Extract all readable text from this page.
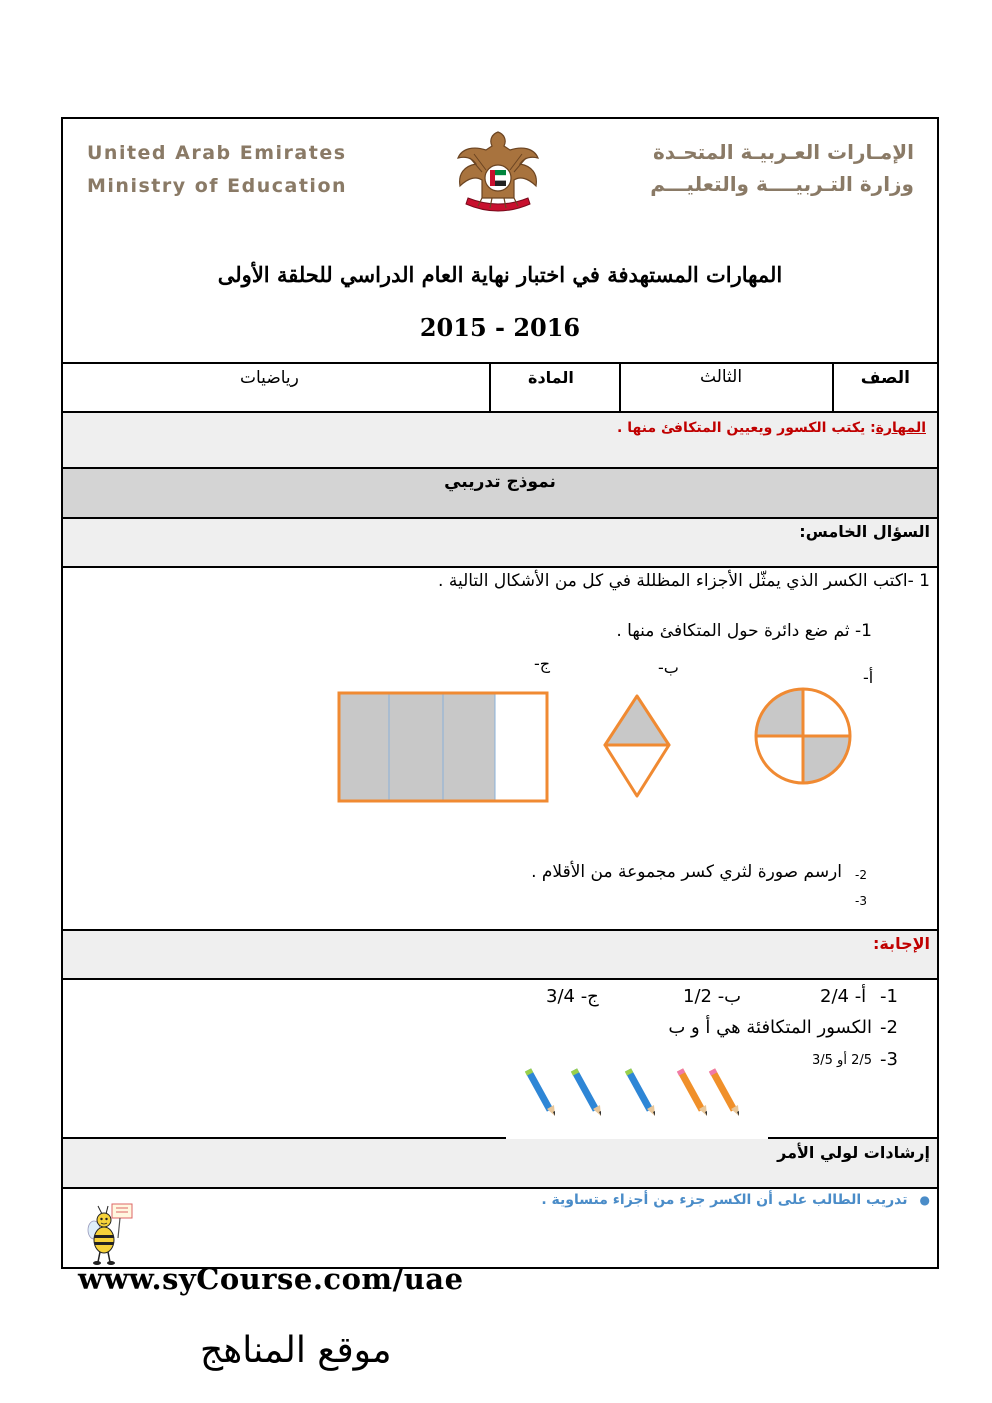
United Arab Emirates
Ministry of Education
الإمـارات العـربيـة المتحـدة
وزارة التـربيــــة والتعليـــم
المهارات المستهدفة في اختبار نهاية العام الدراسي للحلقة الأولى
2015 - 2016
الصف
الثالث
المادة
رياضيات
المهارة: يكتب الكسور ويعيين المتكافئ منها .
نموذج تدريبي
السؤال الخامس:
1 -اكتب الكسر الذي يمثّل الأجزاء المظللة في كل من الأشكال التالية .
1- ثم ضع دائرة حول المتكافئ منها .
ج-	ب-
أ-
-2
ارسم صورة لثري كسر مجموعة من الأقلام .
-3
الإجابة:
-1
أ- 2/4
ب- 1/2
ج- 3/4
-2
الكسور المتكافئة هي أ و ب
-3
2/5 أو 3/5
إرشادات لولي الأمر
●تدريب الطالب على أن الكسر جزء من أجزاء متساوية .
www.syCourse.com/uae
موقع المناهج
